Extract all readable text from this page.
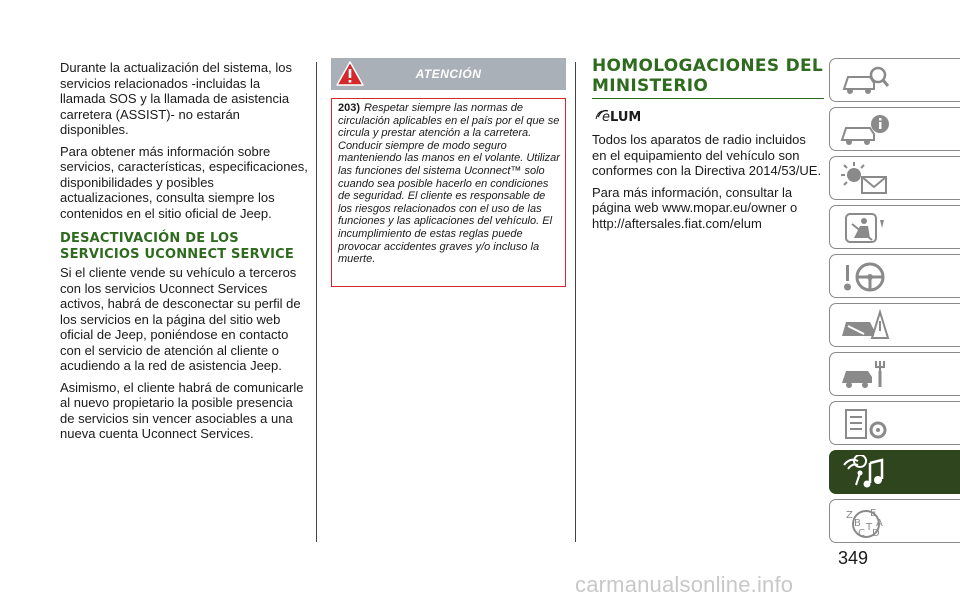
Durante la actualización del sistema, los servicios relacionados -incluidas la llamada SOS y la llamada de asistencia carretera (ASSIST)- no estarán disponibles.

Para obtener más información sobre servicios, características, especificaciones, disponibilidades y posibles actualizaciones, consulta siempre los contenidos en el sitio oficial de Jeep.

DESACTIVACIÓN DE LOS SERVICIOS UCONNECT SERVICE

Si el cliente vende su vehículo a terceros con los servicios Uconnect Services activos, habrá de desconectar su perfil de los servicios en la página del sitio web oficial de Jeep, poniéndose en contacto con el servicio de atención al cliente o acudiendo a la red de asistencia Jeep.

Asimismo, el cliente habrá de comunicarle al nuevo propietario la posible presencia de servicios sin vencer asociables a una nueva cuenta Uconnect Services.

ATENCIÓN

203) Respetar siempre las normas de circulación aplicables en el país por el que se circula y prestar atención a la carretera. Conducir siempre de modo seguro manteniendo las manos en el volante. Utilizar las funciones del sistema Uconnect™ solo cuando sea posible hacerlo en condiciones de seguridad. El cliente es responsable de los riesgos relacionados con el uso de las funciones y las aplicaciones del vehículo. El incumplimiento de estas reglas puede provocar accidentes graves y/o incluso la muerte.

HOMOLOGACIONES DEL MINISTERIO
e LUM

Todos los aparatos de radio incluidos en el equipamiento del vehículo son conformes con la Directiva 2014/53/UE.

Para más información, consultar la página web www.mopar.eu/owner o http://aftersales.fiat.com/elum

Z E
B A
C D
T
349
carmanualsonline.info
